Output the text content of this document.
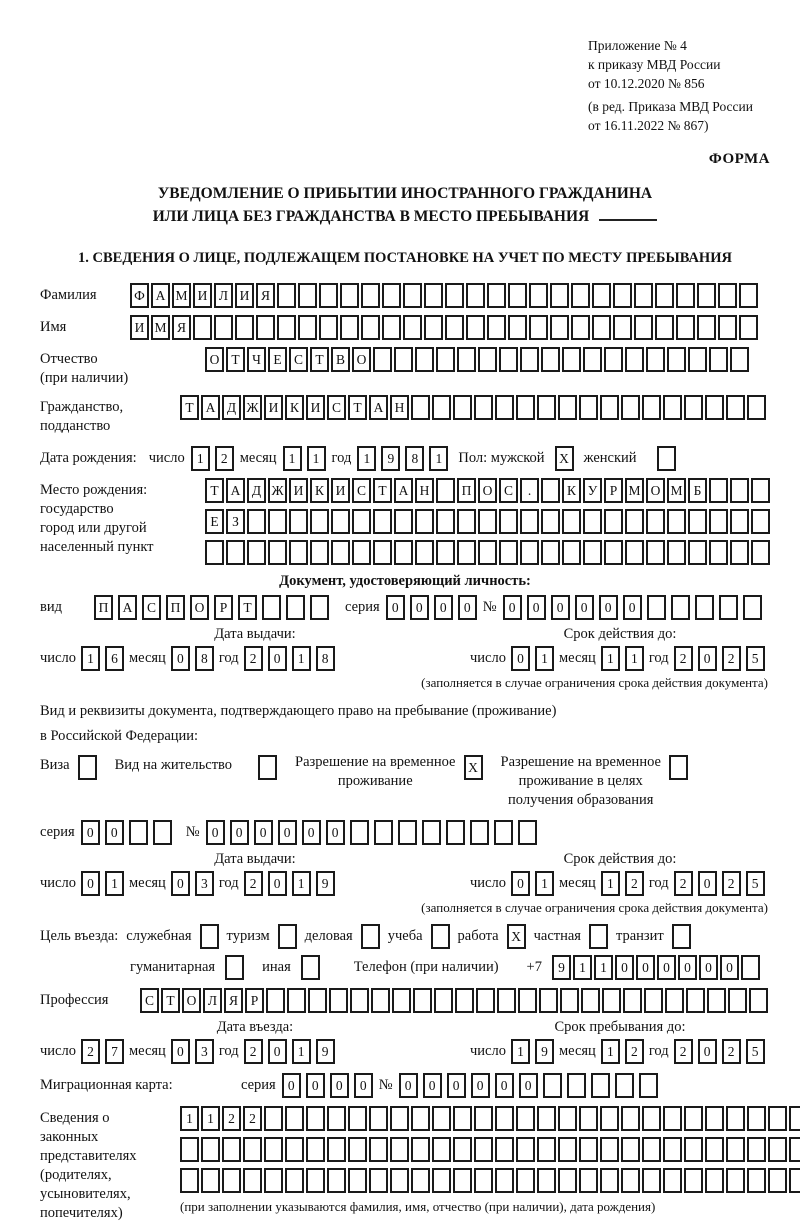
Приложение № 4
к приказу МВД России
от 10.12.2020 № 856
(в ред. Приказа МВД России
от 16.11.2022 № 867)
ФОРМА
УВЕДОМЛЕНИЕ О ПРИБЫТИИ ИНОСТРАННОГО ГРАЖДАНИНА
ИЛИ ЛИЦА БЕЗ ГРАЖДАНСТВА В МЕСТО ПРЕБЫВАНИЯ
1. СВЕДЕНИЯ О ЛИЦЕ, ПОДЛЕЖАЩЕМ ПОСТАНОВКЕ НА УЧЕТ ПО МЕСТУ ПРЕБЫВАНИЯ
Фамилия	Ф А М И Л И Я
Имя	И М Я
Отчество
(при наличии)
О Т Ч Е С Т В О
Гражданство,
подданство
Т А Д Ж И К И С Т А Н
Дата рождения: число 1	2 месяц 1	1 год 1	9	8	1	Пол: мужской	X	женский
Место рождения:
государство
город или другой
населенный пункт
Т А Д Ж И К И С Т А Н	П О С	.	К У Р М О М Б
Е З
Документ, удостоверяющий личность:
вид	П	А	С	П	О	Р	Т	серия 0	0	0	0 № 0	0	0	0	0	0
Дата выдачи:	Срок действия до:
число 1	6 месяц 0	8 год 2	0	1	8	число 0	1 месяц 1	1 год 2	0	2	5
(заполняется в случае ограничения срока действия документа)
Вид и реквизиты документа, подтверждающего право на пребывание (проживание)
в Российской Федерации:
Виза	Вид на жительство	Разрешение на временное
проживание
X	Разрешение на временное
проживание в целях
получения образования
серия 0	0	№ 0	0	0	0	0	0
Дата выдачи:	Срок действия до:
число 0	1 месяц 0	3 год 2	0	1	9	число 0	1 месяц 1	2 год 2	0	2	5
(заполняется в случае ограничения срока действия документа)
Цель въезда: служебная туризм деловая учеба работа X частная транзит
гуманитарная	иная	Телефон (при наличии) +7	9	1	1	0	0	0	0	0	0
Профессия	С Т О Л Я Р
Дата въезда:	Срок пребывания до:
число 2	7 месяц 0	3 год 2	0	1	9	число 1	9 месяц 1	2 год 2	0	2	5
Миграционная карта:	серия 0	0	0	0 № 0	0	0	0	0	0
Сведения о
законных
представителях
(родителях,
усыновителях,
попечителях)
1	1	2	2
(при заполнении указываются фамилия, имя, отчество (при наличии), дата рождения)
